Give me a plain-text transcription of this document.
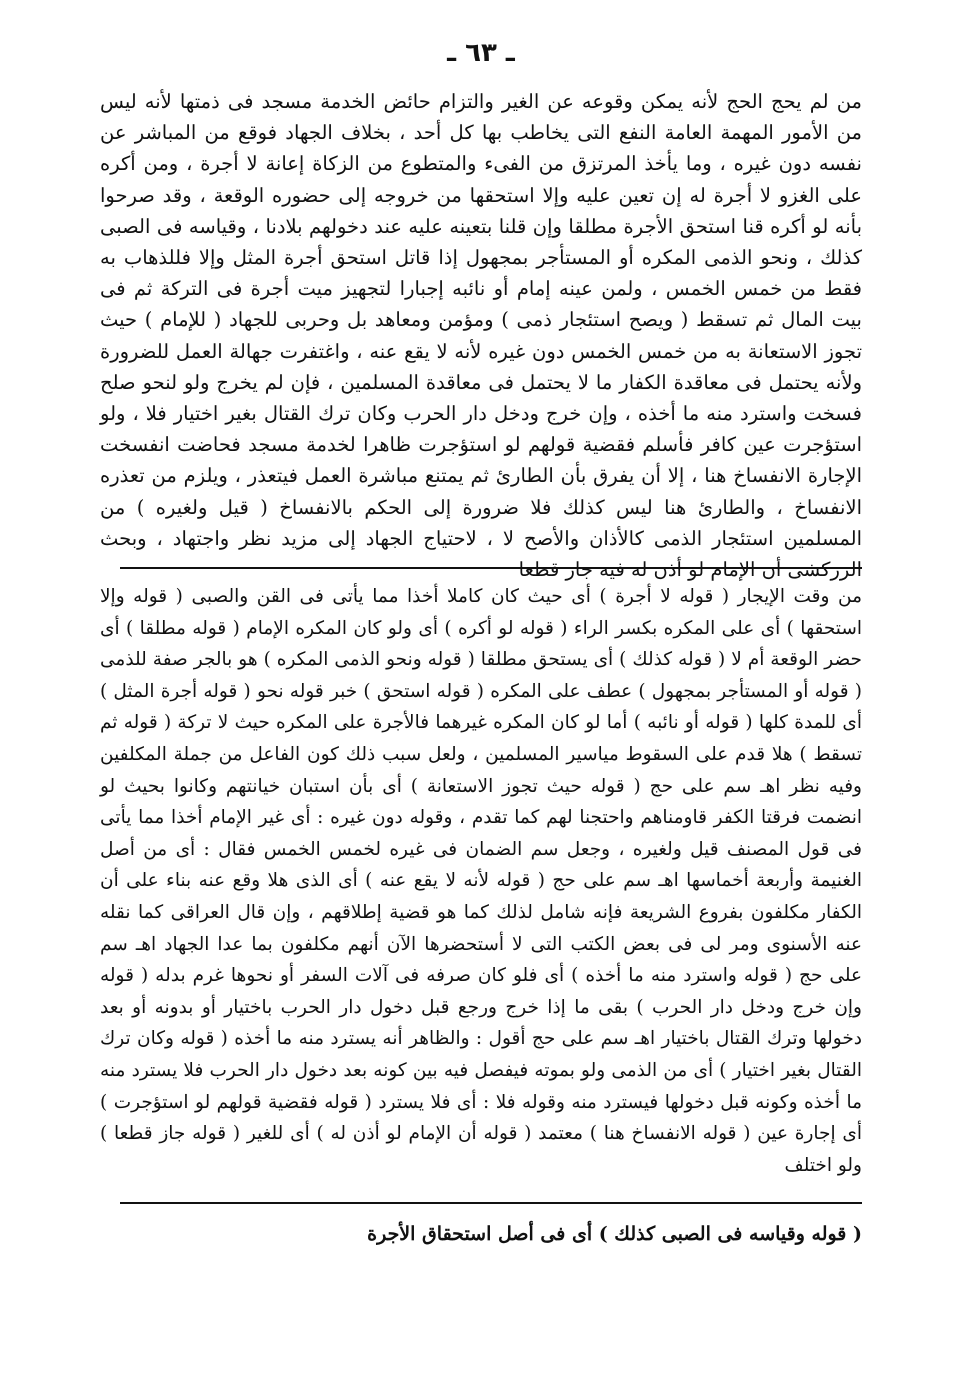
ـ ٦٣ ـ
من لم يحج الحج لأنه يمكن وقوعه عن الغير والتزام حائض الخدمة مسجد فى ذمتها لأنه ليس من الأمور المهمة العامة النفع التى يخاطب بها كل أحد ، بخلاف الجهاد فوقع من المباشر عن نفسه دون غيره ، وما يأخذ المرتزق من الفىء والمتطوع من الزكاة إعانة لا أجرة ، ومن أكره على الغزو لا أجرة له إن تعين عليه وإلا استحقها من خروجه إلى حضوره الوقعة ، وقد صرحوا بأنه لو أكره قنا استحق الأجرة مطلقا وإن قلنا بتعينه عليه عند دخولهم بلادنا ، وقياسه فى الصبى كذلك ، ونحو الذمى المكره أو المستأجر بمجهول إذا قاتل استحق أجرة المثل وإلا فللذهاب به فقط من خمس الخمس ، ولمن عينه إمام أو نائبه إجبارا لتجهيز ميت أجرة فى التركة ثم فى بيت المال ثم تسقط ( ويصح استئجار ذمى ) ومؤمن ومعاهد بل وحربى للجهاد ( للإمام ) حيث تجوز الاستعانة به من خمس الخمس دون غيره لأنه لا يقع عنه ، واغتفرت جهالة العمل للضرورة ولأنه يحتمل فى معاقدة الكفار ما لا يحتمل فى معاقدة المسلمين ، فإن لم يخرج ولو لنحو صلح فسخت واسترد منه ما أخذه ، وإن خرج ودخل دار الحرب وكان ترك القتال بغير اختيار فلا ، ولو استؤجرت عين كافر فأسلم فقضية قولهم لو استؤجرت ظاهرا لخدمة مسجد فحاضت انفسخت الإجارة الانفساخ هنا ، إلا أن يفرق بأن الطارئ ثم يمتنع مباشرة العمل فيتعذر ، ويلزم من تعذره الانفساخ ، والطارئ هنا ليس كذلك فلا ضرورة إلى الحكم بالانفساخ ( قيل ولغيره ) من المسلمين استئجار الذمى كالأذان والأصح لا ، لاحتياج الجهاد إلى مزيد نظر واجتهاد ، وبحث الزركشى أن الإمام لو أذن له فيه جاز قطعا
من وقت الإيجار ( قوله لا أجرة ) أى حيث كان كاملا أخذا مما يأتى فى القن والصبى ( قوله وإلا استحقها ) أى على المكره بكسر الراء ( قوله لو أكره ) أى ولو كان المكره الإمام ( قوله مطلقا ) أى حضر الوقعة أم لا ( قوله كذلك ) أى يستحق مطلقا ( قوله ونحو الذمى المكره ) هو بالجر صفة للذمى ( قوله أو المستأجر بمجهول ) عطف على المكره ( قوله استحق ) خبر قوله نحو ( قوله أجرة المثل ) أى للمدة كلها ( قوله أو نائبه ) أما لو كان المكره غيرهما فالأجرة على المكره حيث لا تركة ( قوله ثم تسقط ) هلا قدم على السقوط مياسير المسلمين ، ولعل سبب ذلك كون الفاعل من جملة المكلفين وفيه نظر اهـ سم على حج ( قوله حيث تجوز الاستعانة ) أى بأن استبان خيانتهم وكانوا بحيث لو انضمت فرقتا الكفر قاومناهم واحتجنا لهم كما تقدم ، وقوله دون غيره : أى غير الإمام أخذا مما يأتى فى قول المصنف قيل ولغيره ، وجعل سم الضمان فى غيره لخمس الخمس فقال : أى من أصل الغنيمة وأربعة أخماسها اهـ سم على حج ( قوله لأنه لا يقع عنه ) أى الذى هلا وقع عنه بناء على أن الكفار مكلفون بفروع الشريعة فإنه شامل لذلك كما هو قضية إطلاقهم ، وإن قال العراقى كما نقله عنه الأسنوى ومر لى فى بعض الكتب التى لا أستحضرها الآن أنهم مكلفون بما عدا الجهاد اهـ سم على حج ( قوله واسترد منه ما أخذه ) أى فلو كان صرفه فى آلات السفر أو نحوها غرم بدله ( قوله وإن خرج ودخل دار الحرب ) بقى ما إذا خرج ورجع قبل دخول دار الحرب باختيار أو بدونه أو بعد دخولها وترك القتال باختيار اهـ سم على حج أقول : والظاهر أنه يسترد منه ما أخذه ( قوله وكان ترك القتال بغير اختيار ) أى من الذمى ولو بموته فيفصل فيه بين كونه بعد دخول دار الحرب فلا يسترد منه ما أخذه وكونه قبل دخولها فيسترد منه وقوله فلا : أى فلا يسترد ( قوله فقضية قولهم لو استؤجرت ) أى إجارة عين ( قوله الانفساخ هنا ) معتمد ( قوله أن الإمام لو أذن له ) أى للغير ( قوله جاز قطعا ) ولو اختلف
( قوله وقياسه فى الصبى كذلك ) أى فى أصل استحقاق الأجرة
